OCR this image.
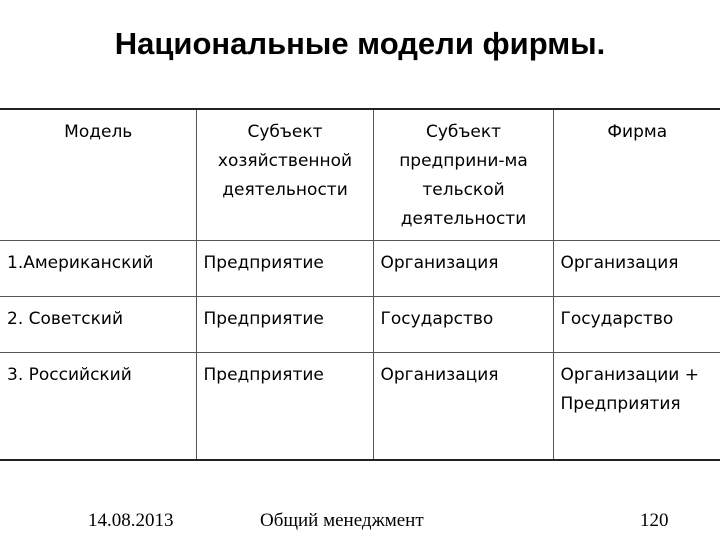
Национальные модели фирмы.
Модель	Субъект хозяйственной деятельности	Субъект предприни-ма тельской деятельности	Фирма
1.Американский	Предприятие	Организация	Организация
2. Советский	Предприятие	Государство	Государство
3. Российский	Предприятие	Организация	Организации + Предприятия
14.08.2013	Общий менеджмент	120
